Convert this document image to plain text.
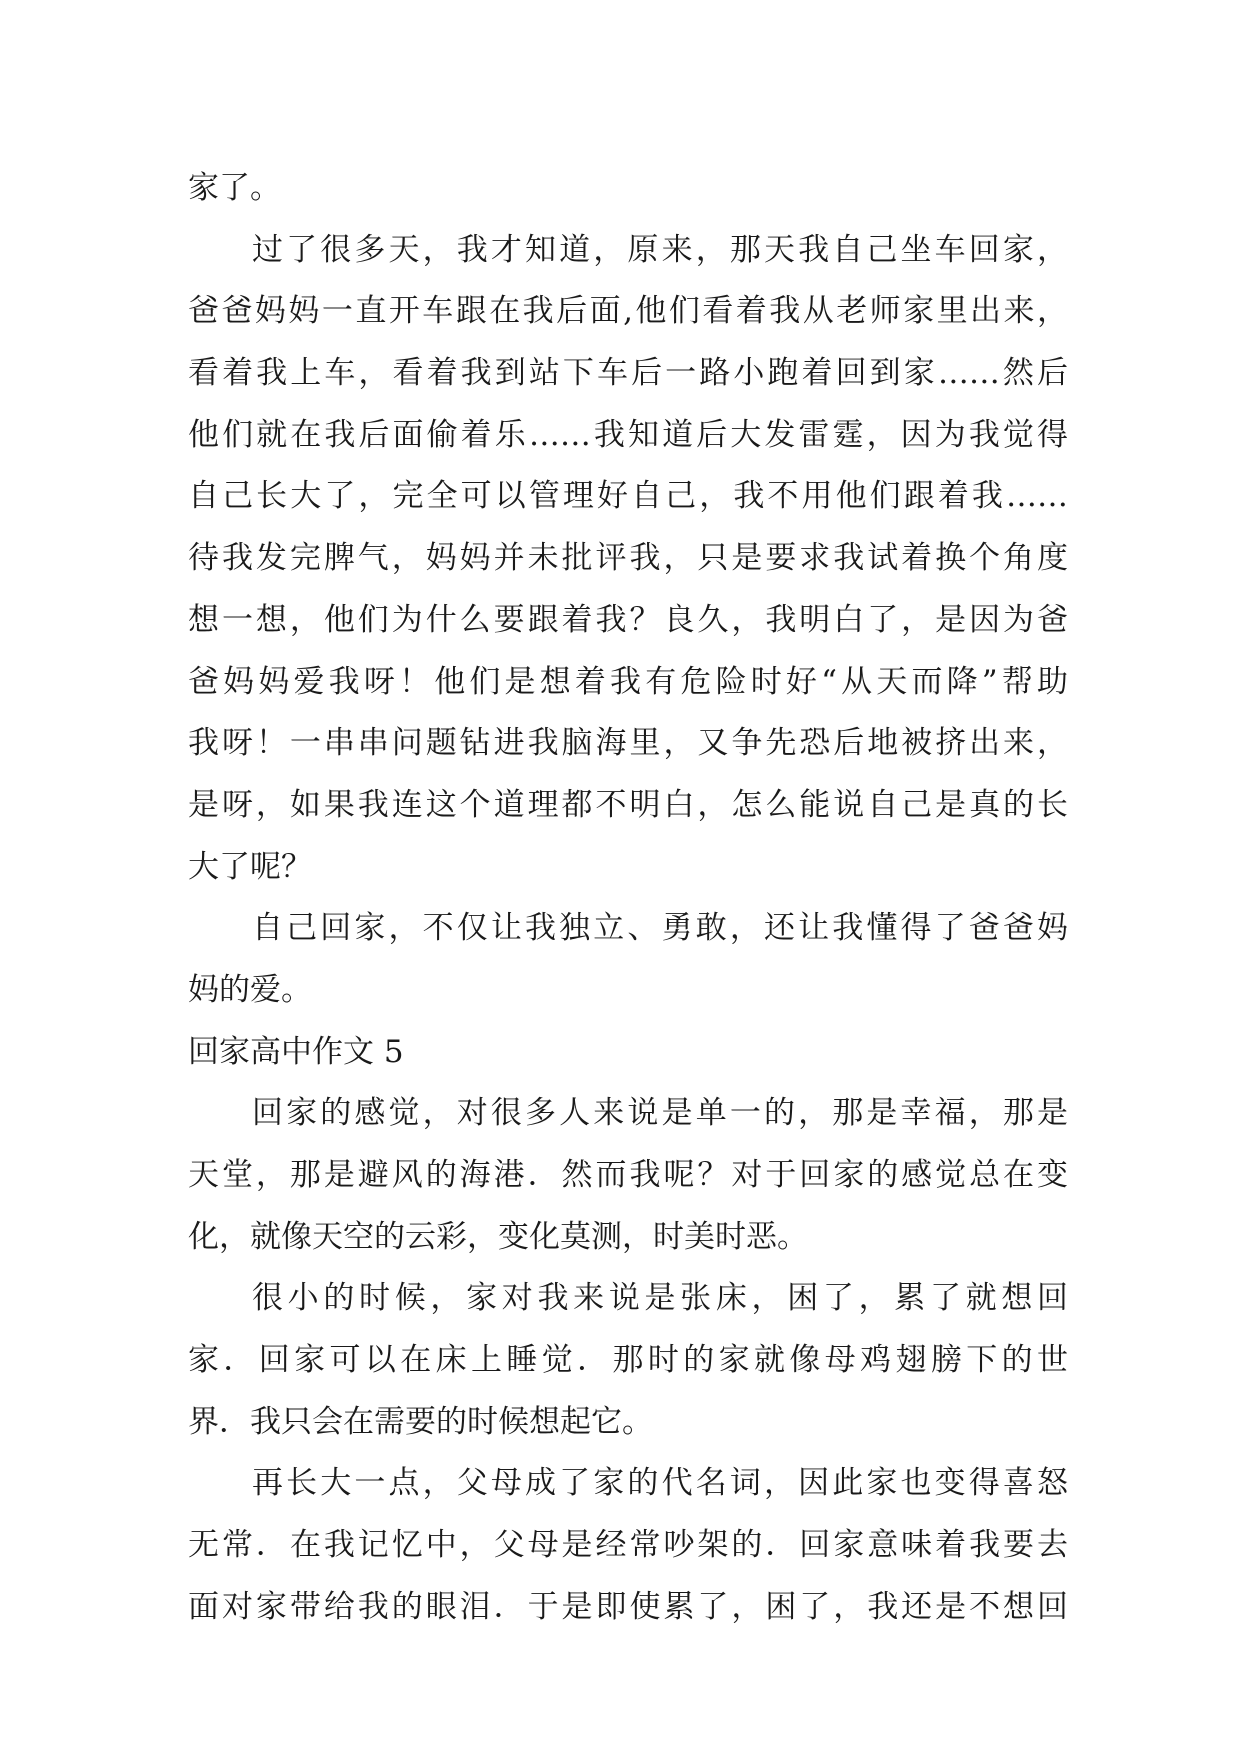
家了。
过了很多天，我才知道，原来，那天我自己坐车回家，
爸爸妈妈一直开车跟在我后面,他们看着我从老师家里出来，
看着我上车，看着我到站下车后一路小跑着回到家……然后
他们就在我后面偷着乐……我知道后大发雷霆，因为我觉得
自己长大了，完全可以管理好自己，我不用他们跟着我……
待我发完脾气，妈妈并未批评我，只是要求我试着换个角度
想一想，他们为什么要跟着我？良久，我明白了，是因为爸
爸妈妈爱我呀！他们是想着我有危险时好“从天而降”帮助
我呀！一串串问题钻进我脑海里，又争先恐后地被挤出来，
是呀，如果我连这个道理都不明白，怎么能说自己是真的长
大了呢？
自己回家，不仅让我独立、勇敢，还让我懂得了爸爸妈
妈的爱。
回家高中作文 5
回家的感觉，对很多人来说是单一的，那是幸福，那是
天堂，那是避风的海港．然而我呢？对于回家的感觉总在变
化，就像天空的云彩，变化莫测，时美时恶。
很小的时候，家对我来说是张床，困了，累了就想回
家．回家可以在床上睡觉．那时的家就像母鸡翅膀下的世
界．我只会在需要的时候想起它。
再长大一点，父母成了家的代名词，因此家也变得喜怒
无常．在我记忆中，父母是经常吵架的．回家意味着我要去
面对家带给我的眼泪．于是即使累了，困了，我还是不想回
